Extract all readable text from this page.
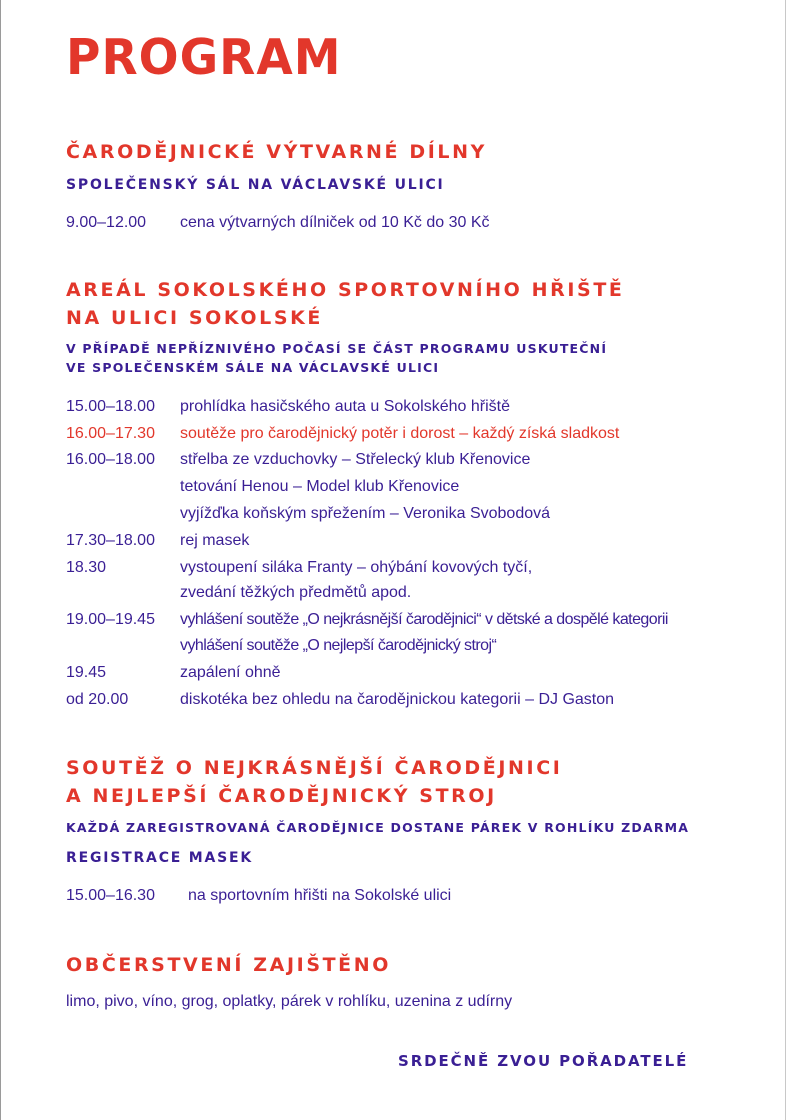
PROGRAM
ČARODĚJNICKÉ VÝTVARNÉ DÍLNY
SPOLEČENSKÝ SÁL NA VÁCLAVSKÉ ULICI
9.00–12.00 cena výtvarných dílniček od 10 Kč do 30 Kč
AREÁL SOKOLSKÉHO SPORTOVNÍHO HŘIŠTĚ
NA ULICI SOKOLSKÉ
V PŘÍPADĚ NEPŘÍZNIVÉHO POČASÍ SE ČÁST PROGRAMU USKUTEČNÍ
VE SPOLEČENSKÉM SÁLE NA VÁCLAVSKÉ ULICI
15.00–18.00 prohlídka hasičského auta u Sokolského hřiště
16.00–17.30 soutěže pro čarodějnický potěr i dorost – každý získá sladkost
16.00–18.00 střelba ze vzduchovky – Střelecký klub Křenovice
tetování Henou – Model klub Křenovice
vyjížďka koňským spřežením – Veronika Svobodová
17.30–18.00 rej masek
18.30	vystoupení siláka Franty – ohýbání kovových tyčí,
zvedání těžkých předmětů apod.
19.00–19.45 vyhlášení soutěže „O nejkrásnější čarodějnici“ v dětské a dospělé kategorii
vyhlášení soutěže „O nejlepší čarodějnický stroj“
19.45	zapálení ohně
od 20.00	diskotéka bez ohledu na čarodějnickou kategorii – DJ Gaston
SOUTĚŽ O NEJKRÁSNĚJŠÍ ČARODĚJNICI
A NEJLEPŠÍ ČARODĚJNICKÝ STROJ
KAŽDÁ ZAREGISTROVANÁ ČARODĚJNICE DOSTANE PÁREK V ROHLÍKU ZDARMA
REGISTRACE MASEK
15.00–16.30 na sportovním hřišti na Sokolské ulici
OBČERSTVENÍ ZAJIŠTĚNO
limo, pivo, víno, grog, oplatky, párek v rohlíku, uzenina z udírny
SRDEČNĚ ZVOU POŘADATELÉ
